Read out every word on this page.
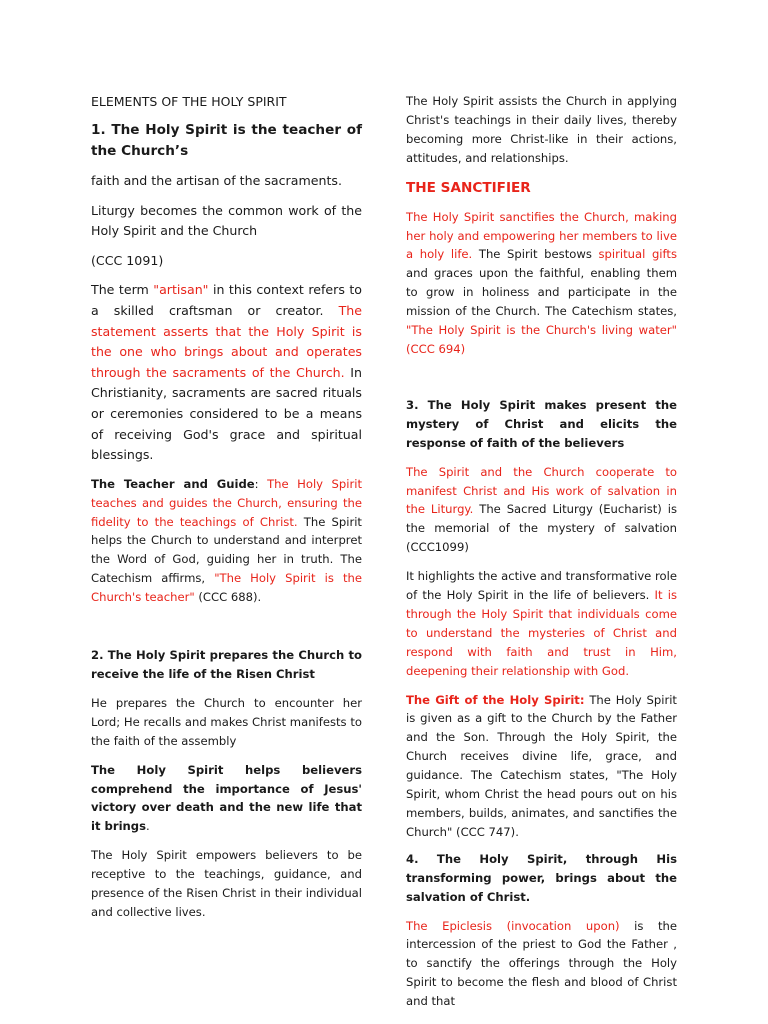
ELEMENTS OF THE HOLY SPIRIT

1. The Holy Spirit is the teacher of the Church’s

faith and the artisan of the sacraments.

Liturgy becomes the common work of the Holy Spirit and the Church

(CCC 1091)

The term "artisan" in this context refers to a skilled craftsman or creator. The statement asserts that the Holy Spirit is the one who brings about and operates through the sacraments of the Church. In Christianity, sacraments are sacred rituals or ceremonies considered to be a means of receiving God's grace and spiritual blessings.

The Teacher and Guide: The Holy Spirit teaches and guides the Church, ensuring the fidelity to the teachings of Christ. The Spirit helps the Church to understand and interpret the Word of God, guiding her in truth. The Catechism affirms, "The Holy Spirit is the Church's teacher" (CCC 688).

2. The Holy Spirit prepares the Church to receive the life of the Risen Christ

He prepares the Church to encounter her Lord; He recalls and makes Christ manifests to the faith of the assembly

The Holy Spirit helps believers comprehend the importance of Jesus' victory over death and the new life that it brings.

The Holy Spirit empowers believers to be receptive to the teachings, guidance, and presence of the Risen Christ in their individual and collective lives.

The Holy Spirit assists the Church in applying Christ's teachings in their daily lives, thereby becoming more Christ-like in their actions, attitudes, and relationships.

THE SANCTIFIER

The Holy Spirit sanctifies the Church, making her holy and empowering her members to live a holy life. The Spirit bestows spiritual gifts and graces upon the faithful, enabling them to grow in holiness and participate in the mission of the Church. The Catechism states, "The Holy Spirit is the Church's living water" (CCC 694)

3. The Holy Spirit makes present the mystery of Christ and elicits the response of faith of the believers

The Spirit and the Church cooperate to manifest Christ and His work of salvation in the Liturgy. The Sacred Liturgy (Eucharist) is the memorial of the mystery of salvation (CCC1099)

It highlights the active and transformative role of the Holy Spirit in the life of believers. It is through the Holy Spirit that individuals come to understand the mysteries of Christ and respond with faith and trust in Him, deepening their relationship with God.

The Gift of the Holy Spirit: The Holy Spirit is given as a gift to the Church by the Father and the Son. Through the Holy Spirit, the Church receives divine life, grace, and guidance. The Catechism states, "The Holy Spirit, whom Christ the head pours out on his members, builds, animates, and sanctifies the Church" (CCC 747).

4. The Holy Spirit, through His transforming power, brings about the salvation of Christ.

The Epiclesis (invocation upon) is the intercession of the priest to God the Father , to sanctify the offerings through the Holy Spirit to become the flesh and blood of Christ and that
